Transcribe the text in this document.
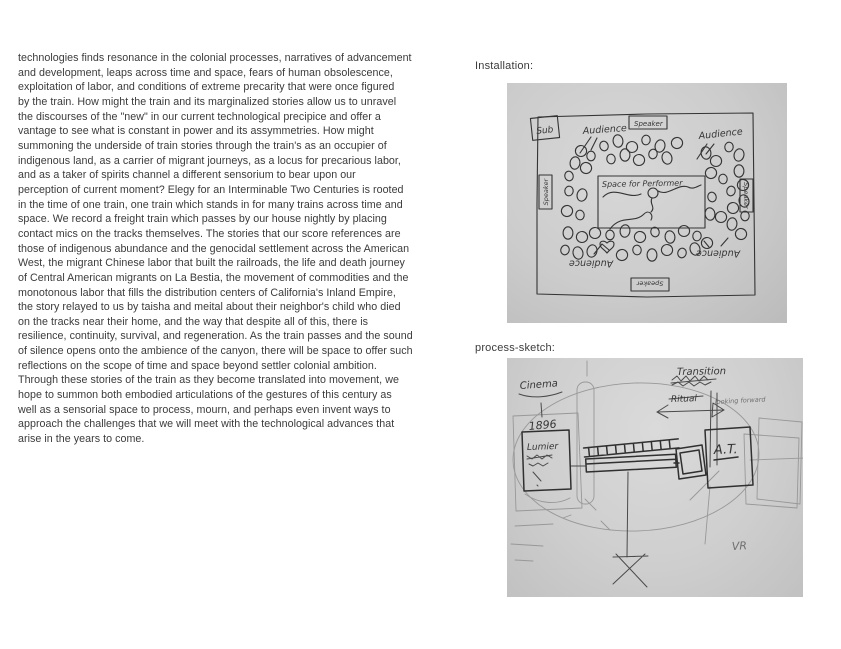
technologies finds resonance in the colonial processes, narratives of advancement
and development, leaps across time and space, fears of human obsolescence,
exploitation of labor, and conditions of extreme precarity that were once figured
by the train. How might the train and its marginalized stories allow us to unravel
the discourses of the "new" in our current technological precipice and offer a
vantage to see what is constant in power and its assymmetries. How might
summoning the underside of train stories through the train's as an occupier of
indigenous land, as a carrier of migrant journeys, as a locus for precarious labor,
and as a taker of spirits channel a different sensorium to bear upon our
perception of current moment? Elegy for an Interminable Two Centuries is rooted
in the time of one train, one train which stands in for many trains across time and
space. We record a freight train which passes by our house nightly by placing
contact mics on the tracks themselves. The stories that our score references are
those of indigenous abundance and the genocidal settlement across the American
West, the migrant Chinese labor that built the railroads, the life and death journey
of Central American migrants on La Bestia, the movement of commodities and the
monotonous labor that fills the distribution centers of California's Inland Empire,
the story relayed to us by taisha and meital about their neighbor's child who died
on the tracks near their home, and the way that despite all of this, there is
resilience, continuity, survival, and regeneration. As the train passes and the sound
of silence opens onto the ambience of the canyon, there will be space to offer such
reflections on the scope of time and space beyond settler colonial ambition.
Through these stories of the train as they become translated into movement, we
hope to summon both embodied articulations of the gestures of this century as
well as a sensorial space to process, mourn, and perhaps even invent ways to
approach the challenges that we will meet with the technological advances that
arise in the years to come.
Installation:
Sub
Speaker
Speaker	Speaker
Speaker
Audience	Audience
Audience
Audience
Space for Performer
process-sketch:
Cinema
1896
Lumier
Transition
Ritual	looking forward
A.T.
VR
